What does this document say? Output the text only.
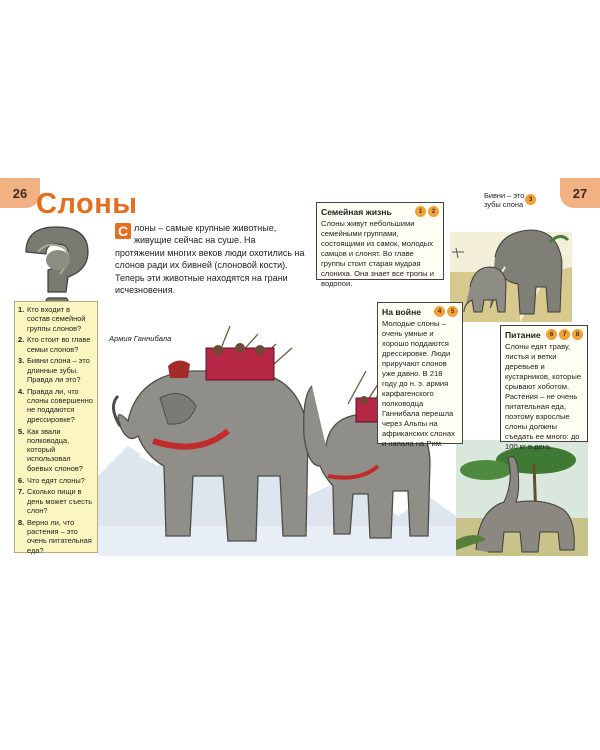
26	27
Слоны
1. Кто входит в состав семейной группы слонов?
2. Кто стоит во главе семьи слонов?
3. Бивни слона – это длинные зубы. Правда ли это?
4. Правда ли, что слоны совершенно не поддаются дрессировке?
5. Как звали полководца, который использовал боевых слонов?
6. Что едят слоны?
7. Сколько пищи в день может съесть слон?
8. Верно ли, что растения – это очень питательная еда?
С лоны – самые крупные животные, живущие сейчас на суше. На протяжении многих веков люди охотились на слонов ради их бивней (слоновой кости). Теперь эти животные находятся на грани исчезновения.
Армия Ганнибала
Бивни – это зубы слона
3
Семейная жизнь	1	2
Слоны живут небольшими семейными группами, состоящими из самок, молодых самцов и слонят. Во главе группы стоит старая мудрая слониха. Она знает все тропы и водопои.
На войне	4	5
Молодые слоны – очень умные и хорошо поддаются дрессировке. Люди приручают слонов уже давно. В 218 году до н. э. армия карфагенского полководца Ганнибала перешла через Альпы на африканских слонах и напала на Рим.
Питание	6	7	8
Слоны едят траву, листья и ветки деревьев и кустарников, которые срывают хоботом. Растения – не очень питательная еда, поэтому взрослые слоны должны съедать ее много: до 100 кг в день.
